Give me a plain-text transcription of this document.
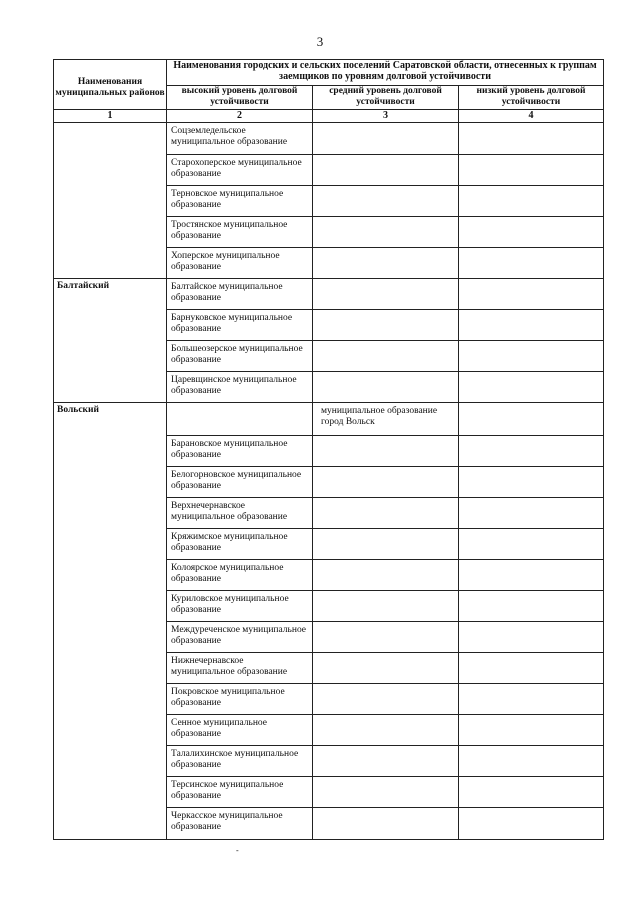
3
Наименования муниципальных районов	Наименования городских и сельских поселений Саратовской области, отнесенных к группам заемщиков по уровням долговой устойчивости		
	высокий уровень долговой устойчивости	средний уровень долговой устойчивости	низкий уровень долговой устойчивости
1	2	3	4
	Соцземледельское муниципальное образование		
	Старохоперское муниципальное образование		
	Терновское муниципальное образование		
	Тростянское муниципальное образование		
	Хоперское муниципальное образование		
Балтайский	Балтайское муниципальное образование		
	Барнуковское муниципальное образование		
	Большеозерское муниципальное образование		
	Царевщинское муниципальное образование		
Вольский		муниципальное образование город Вольск	
	Барановское муниципальное образование		
	Белогорновское муниципальное образование		
	Верхнечернавское муниципальное образование		
	Кряжимское муниципальное образование		
	Колоярское муниципальное образование		
	Куриловское муниципальное образование		
	Междуреченское муниципальное образование		
	Нижнечернавское муниципальное образование		
	Покровское муниципальное образование		
	Сенное муниципальное образование		
	Талалихинское муниципальное образование		
	Терсинское муниципальное образование		
	Черкасское муниципальное образование		
-
